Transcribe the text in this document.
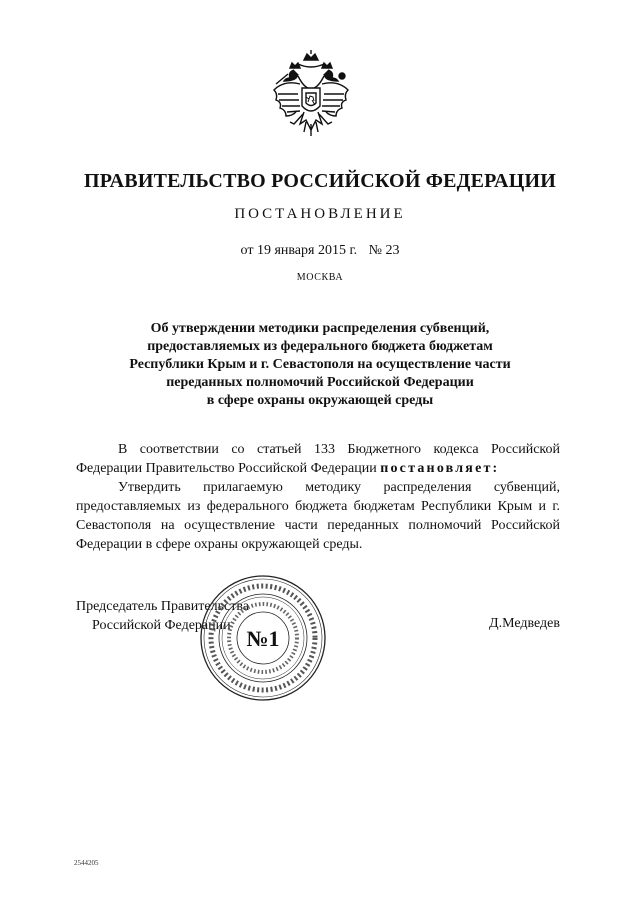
ПРАВИТЕЛЬСТВО РОССИЙСКОЙ ФЕДЕРАЦИИ
ПОСТАНОВЛЕНИЕ
от 19 января 2015 г. № 23
МОСКВА
Об утверждении методики распределения субвенций,
предоставляемых из федерального бюджета бюджетам
Республики Крым и г. Севастополя на осуществление части
переданных полномочий Российской Федерации
в сфере охраны окружающей среды

В соответствии со статьей 133 Бюджетного кодекса Российской Федерации Правительство Российской Федерации постановляет:

Утвердить прилагаемую методику распределения субвенций, предоставляемых из федерального бюджета бюджетам Республики Крым и г. Севастополя на осуществление части переданных полномочий Российской Федерации в сфере охраны окружающей среды.

Председатель Правительства
Российской Федерации
№1
Д.Медведев
2544205
